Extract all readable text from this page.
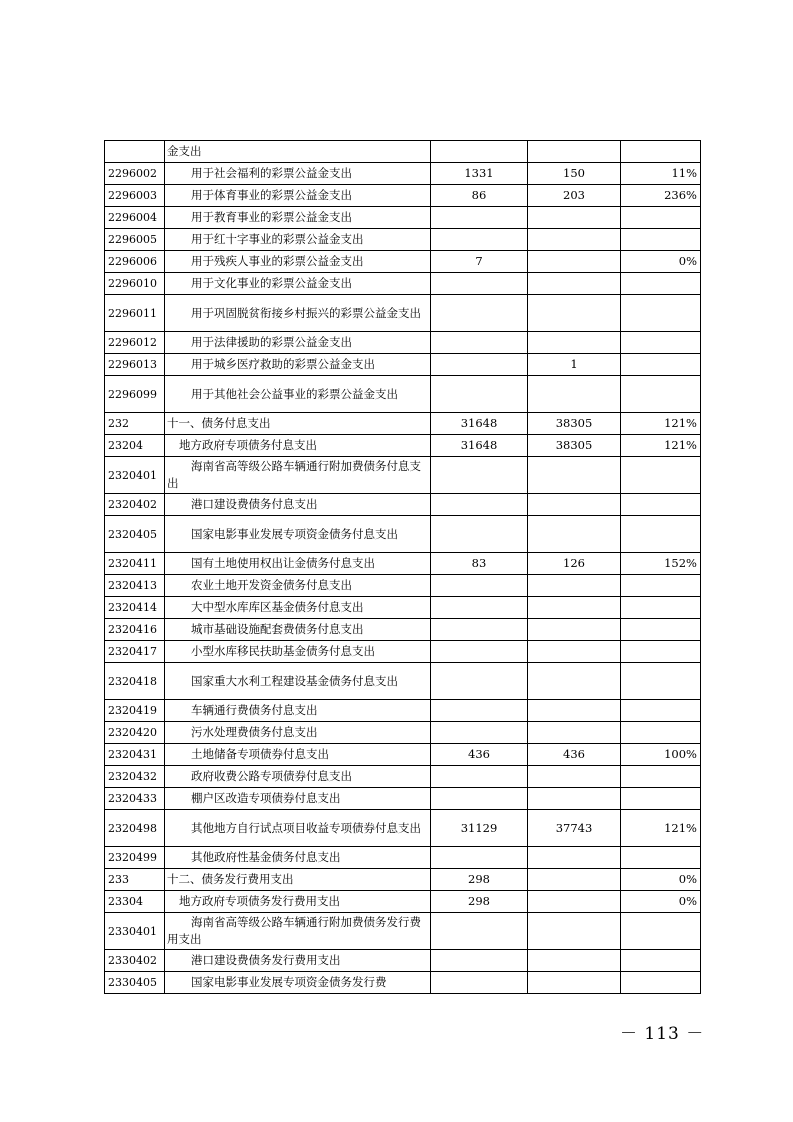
	金支出			

2296002	用于社会福利的彩票公益金支出	1331	150	11%
2296003	用于体育事业的彩票公益金支出	86	203	236%
2296004	用于教育事业的彩票公益金支出			

2296005	用于红十字事业的彩票公益金支出			

2296006	用于残疾人事业的彩票公益金支出	7		0%
2296010	用于文化事业的彩票公益金支出			

2296011	用于巩固脱贫衔接乡村振兴的彩票公益金支出			

2296012	用于法律援助的彩票公益金支出			

2296013	用于城乡医疗救助的彩票公益金支出		1	
2296099	用于其他社会公益事业的彩票公益金支出			

232	十一、债务付息支出	31648	38305	121%
23204	地方政府专项债务付息支出	31648	38305	121%
2320401	海南省高等级公路车辆通行附加费债务付息支出			

2320402	港口建设费债务付息支出			

2320405	国家电影事业发展专项资金债务付息支出			

2320411	国有土地使用权出让金债务付息支出	83	126	152%
2320413	农业土地开发资金债务付息支出			

2320414	大中型水库库区基金债务付息支出			

2320416	城市基础设施配套费债务付息支出			

2320417	小型水库移民扶助基金债务付息支出			

2320418	国家重大水利工程建设基金债务付息支出			

2320419	车辆通行费债务付息支出			

2320420	污水处理费债务付息支出			

2320431	土地储备专项债券付息支出	436	436	100%
2320432	政府收费公路专项债券付息支出			

2320433	棚户区改造专项债券付息支出			

2320498	其他地方自行试点项目收益专项债券付息支出	31129	37743	121%
2320499	其他政府性基金债务付息支出			

233	十二、债务发行费用支出	298		0%
23304	地方政府专项债务发行费用支出	298		0%
2330401	海南省高等级公路车辆通行附加费债务发行费用支出			

2330402	港口建设费债务发行费用支出			

2330405	国家电影事业发展专项资金债务发行费			

－ 113 －
